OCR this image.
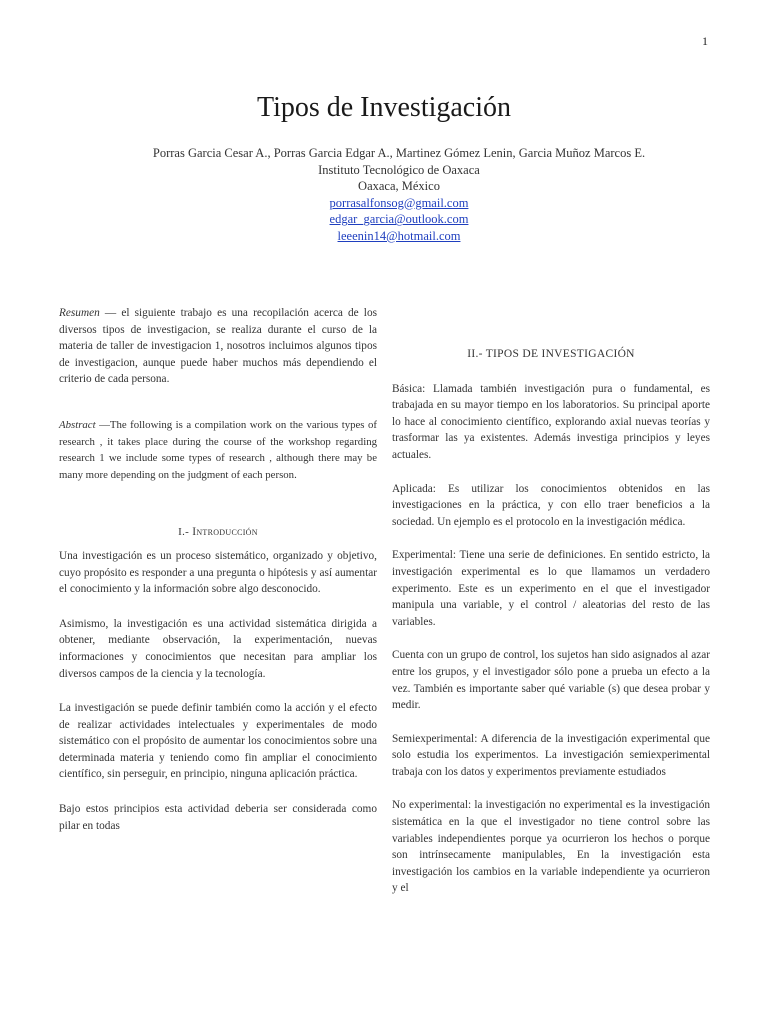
1
Tipos de Investigación
Porras Garcia Cesar A., Porras Garcia Edgar A., Martinez Gómez Lenin, Garcia Muñoz Marcos E.
Instituto Tecnológico de Oaxaca
Oaxaca, México
porrasalfonsog@gmail.com
edgar_garcia@outlook.com
leeenin14@hotmail.com

Resumen — el siguiente trabajo es una recopilación acerca de los diversos tipos de investigacion, se realiza durante el curso de la materia de taller de investigacion 1, nosotros incluimos algunos tipos de investigacion, aunque puede haber muchos más dependiendo el criterio de cada persona.

Abstract —The following is a compilation work on the various types of research , it takes place during the course of the workshop regarding research 1 we include some types of research , although there may be many more depending on the judgment of each person.

I.- Introducción

Una investigación es un proceso sistemático, organizado y objetivo, cuyo propósito es responder a una pregunta o hipótesis y así aumentar el conocimiento y la información sobre algo desconocido.

Asimismo, la investigación es una actividad sistemática dirigida a obtener, mediante observación, la experimentación, nuevas informaciones y conocimientos que necesitan para ampliar los diversos campos de la ciencia y la tecnología.

La investigación se puede definir también como la acción y el efecto de realizar actividades intelectuales y experimentales de modo sistemático con el propósito de aumentar los conocimientos sobre una determinada materia y teniendo como fin ampliar el conocimiento científico, sin perseguir, en principio, ninguna aplicación práctica.

Bajo estos principios esta actividad deberia ser considerada como pilar en todas

II.- TIPOS DE INVESTIGACIÓN

Básica: Llamada también investigación pura o fundamental, es trabajada en su mayor tiempo en los laboratorios. Su principal aporte lo hace al conocimiento científico, explorando axial nuevas teorías y trasformar las ya existentes. Además investiga principios y leyes actuales.

Aplicada: Es utilizar los conocimientos obtenidos en las investigaciones en la práctica, y con ello traer beneficios a la sociedad. Un ejemplo es el protocolo en la investigación médica.

Experimental: Tiene una serie de definiciones. En sentido estricto, la investigación experimental es lo que llamamos un verdadero experimento. Este es un experimento en el que el investigador manipula una variable, y el control / aleatorias del resto de las variables.

Cuenta con un grupo de control, los sujetos han sido asignados al azar entre los grupos, y el investigador sólo pone a prueba un efecto a la vez. También es importante saber qué variable (s) que desea probar y medir.

Semiexperimental: A diferencia de la investigación experimental que solo estudia los experimentos. La investigación semiexperimental trabaja con los datos y experimentos previamente estudiados

No experimental: la investigación no experimental es la investigación sistemática en la que el investigador no tiene control sobre las variables independientes porque ya ocurrieron los hechos o porque son intrínsecamente manipulables, En la investigación esta investigación los cambios en la variable independiente ya ocurrieron y el
